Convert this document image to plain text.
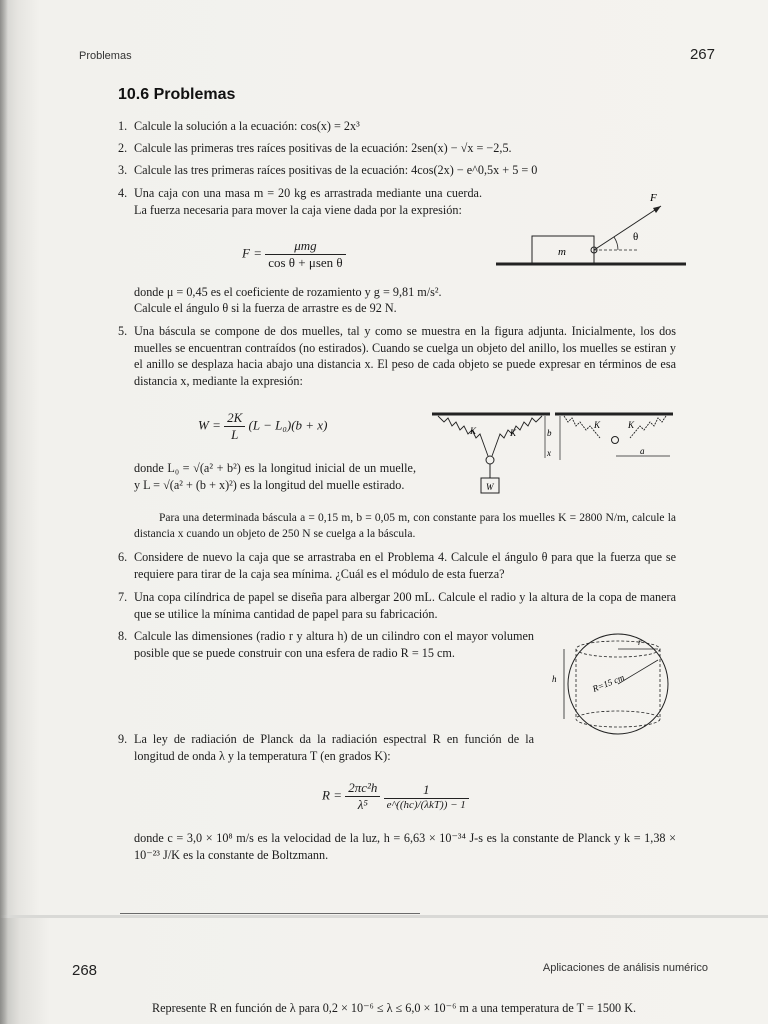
Problemas	267
10.6 Problemas
1. Calcule la solución a la ecuación: cos(x) = 2x³
2. Calcule las primeras tres raíces positivas de la ecuación: 2sen(x) − √x = −2,5.
3. Calcule las tres primeras raíces positivas de la ecuación: 4cos(2x) − e^0,5x + 5 = 0
4. Una caja con una masa m = 20 kg es arrastrada mediante una cuerda. La fuerza necesaria para mover la caja viene dada por la expresión:
$F = \frac{\text{μmg}}{\text{cos θ + μsen θ}}$	m
F
θ
donde μ = 0,45 es el coeficiente de rozamiento y g = 9,81 m/s².
Calcule el ángulo θ si la fuerza de arrastre es de 92 N.
5. Una báscula se compone de dos muelles, tal y como se muestra en la figura adjunta. Inicialmente, los dos muelles se encuentran contraídos (no estirados). Cuando se cuelga un objeto del anillo, los muelles se estiran y el anillo se desplaza hacia abajo una distancia x. El peso de cada objeto se puede expresar en términos de esa distancia x, mediante la expresión:
$W = \frac{2K}{L} (L - L_0)(b + x)$
donde L₀ = √(a² + b²) es la longitud inicial de un muelle, y L = √(a² + (b + x)²) es la longitud del muelle estirado.	W
K	K	b
x
K	K
a
Para una determinada báscula a = 0,15 m, b = 0,05 m, con constante para los muelles K = 2800 N/m, calcule la distancia x cuando un objeto de 250 N se cuelga a la báscula.
6. Considere de nuevo la caja que se arrastraba en el Problema 4. Calcule el ángulo θ para que la fuerza que se requiere para tirar de la caja sea mínima. ¿Cuál es el módulo de esta fuerza?
7. Una copa cilíndrica de papel se diseña para albergar 200 mL. Calcule el radio y la altura de la copa de manera que se utilice la mínima cantidad de papel para su fabricación.
8. Calcule las dimensiones (radio r y altura h) de un cilindro con el mayor volumen posible que se puede construir con una esfera de radio R = 15 cm.
h
r
R=15 cm
9. La ley de radiación de Planck da la radiación espectral R en función de la longitud de onda λ y la temperatura T (en grados K):
$R = \frac{\text{2πc²h}}{\text{λ⁵}}$
$\frac{1}{\text{e\textasciicircum{}((hc)/(λkT)) − 1}}$
donde c = 3,0 × 10⁸ m/s es la velocidad de la luz, h = 6,63 × 10⁻³⁴ J-s es la constante de Planck y k = 1,38 × 10⁻²³ J/K es la constante de Boltzmann.
268	Aplicaciones de análisis numérico
Represente R en función de λ para 0,2 × 10⁻⁶ ≤ λ ≤ 6,0 × 10⁻⁶ m a una temperatura de T = 1500 K.
